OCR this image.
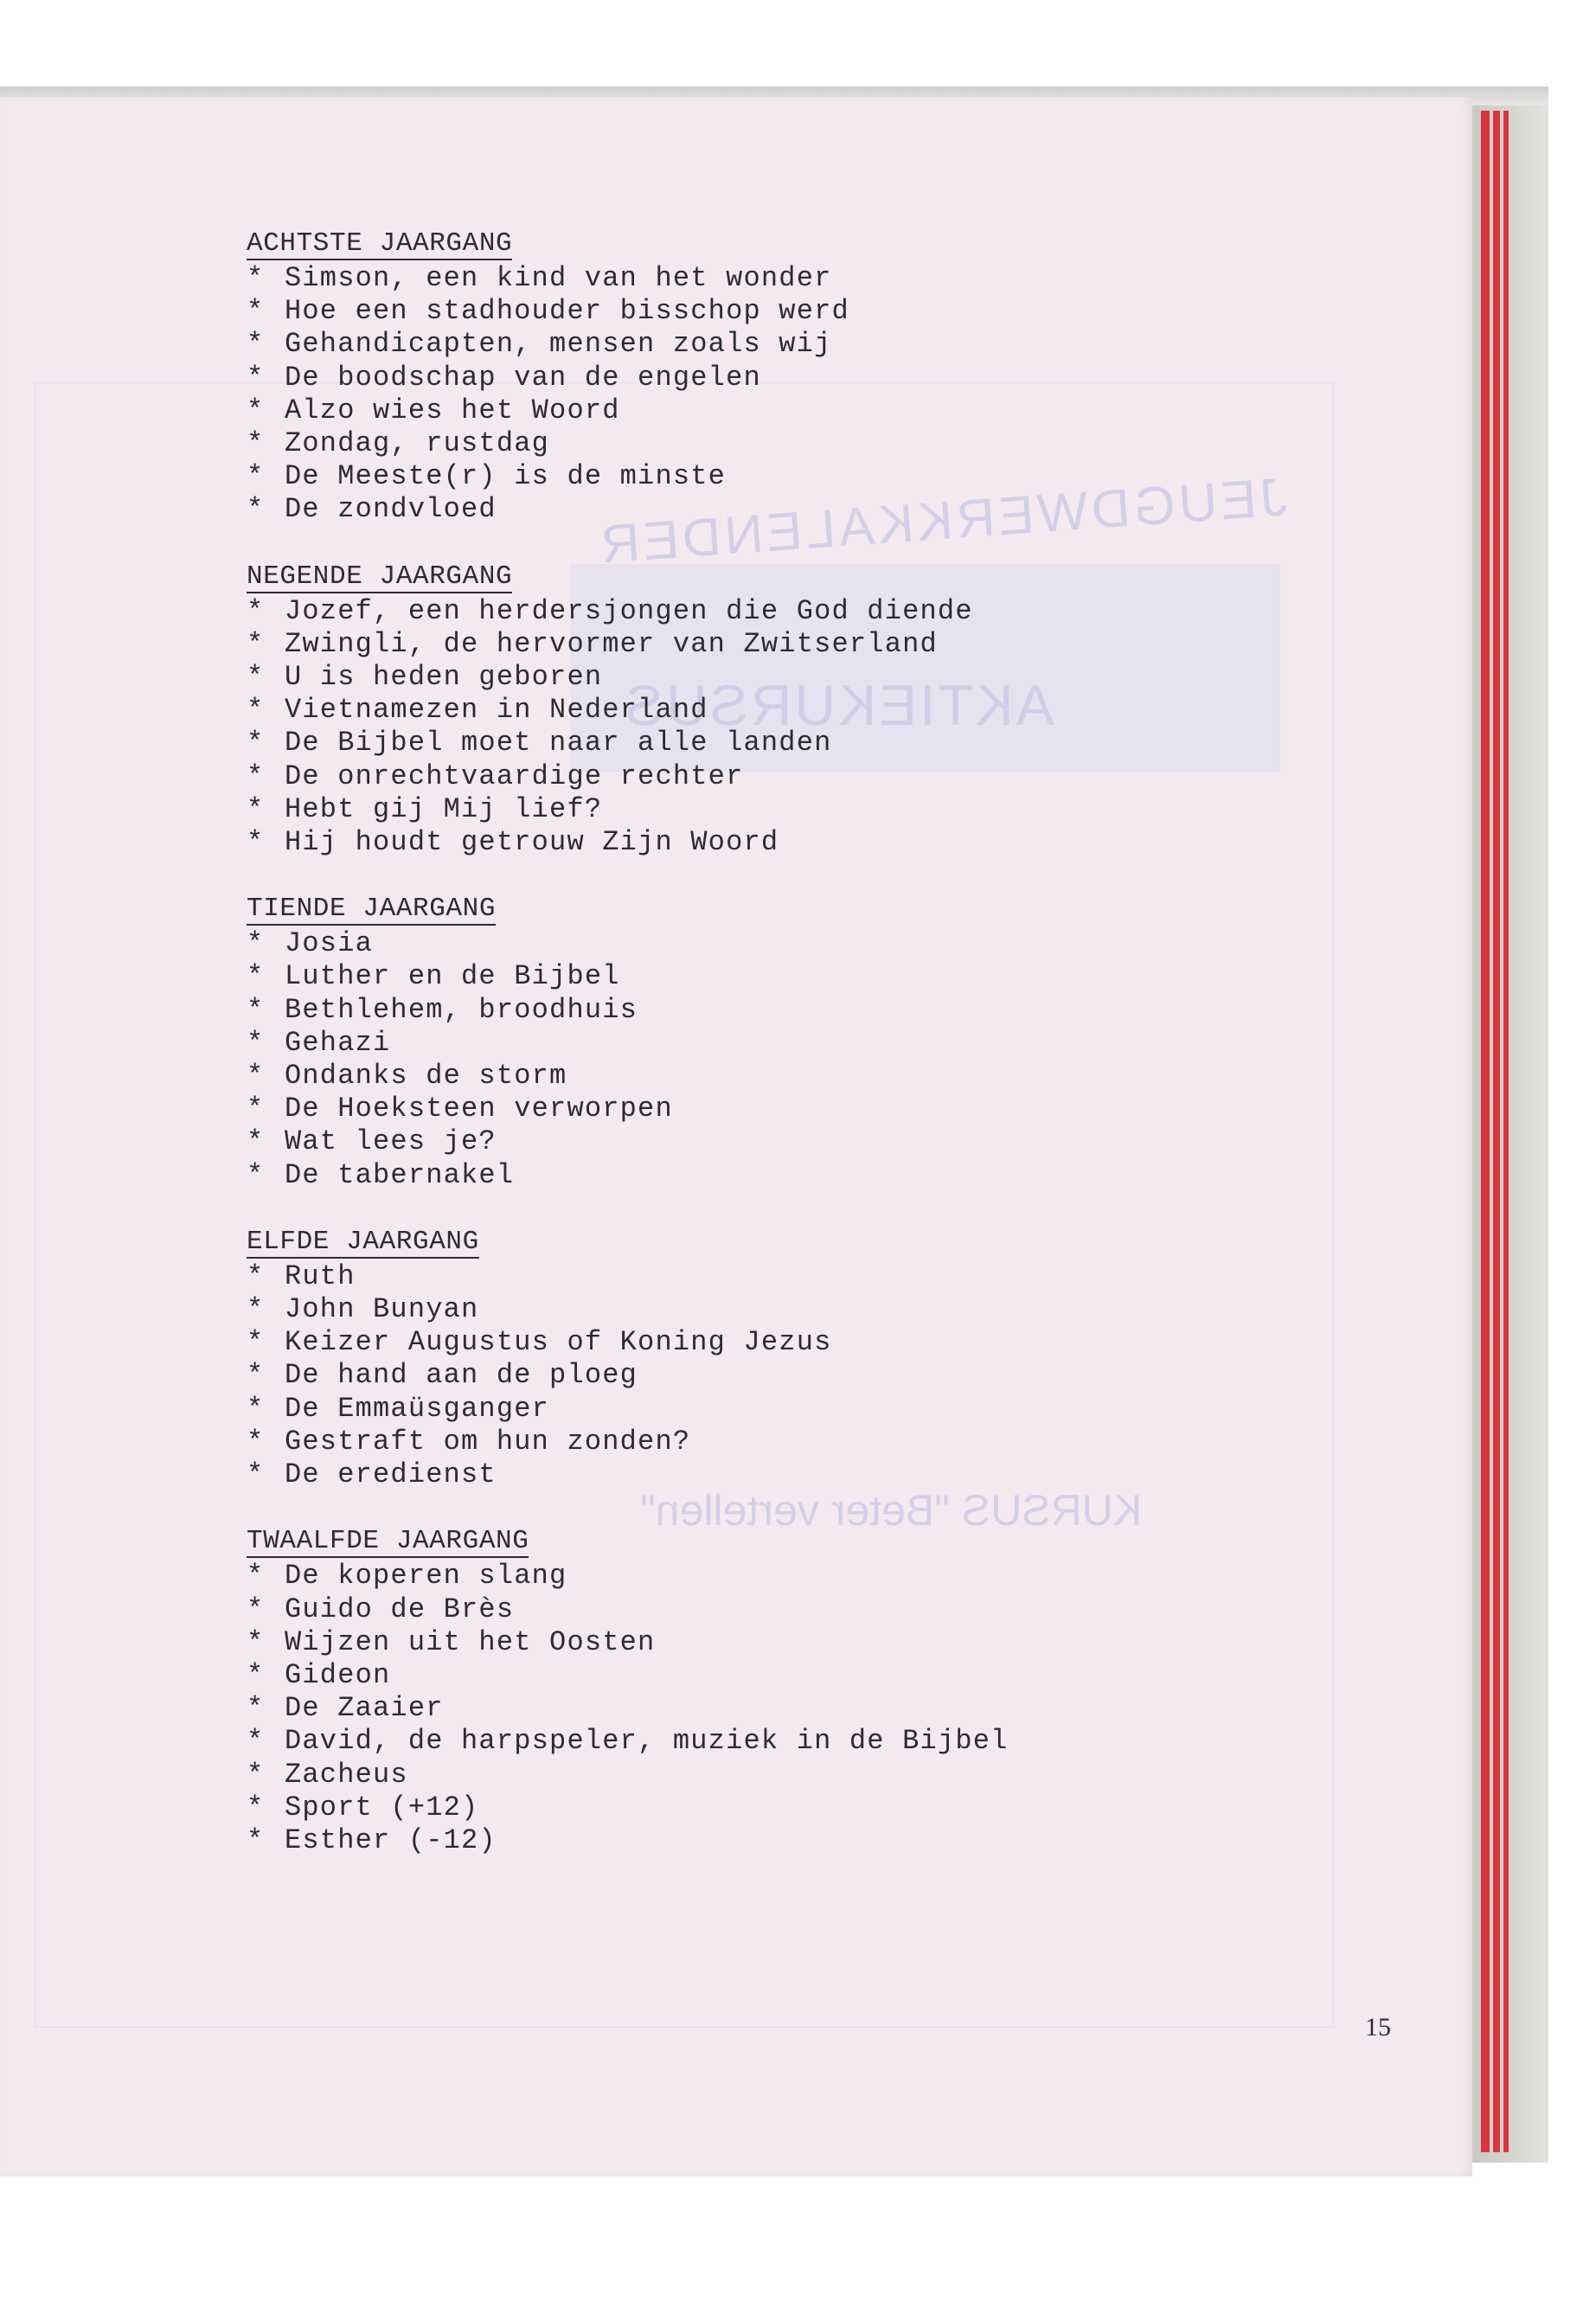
JEUGDWERKKALENDER
AKTIEKURSUS
KURSUS "Beter vertellen"
ACHTSTE JAARGANG
* Simson, een kind van het wonder
* Hoe een stadhouder bisschop werd
* Gehandicapten, mensen zoals wij
* De boodschap van de engelen
* Alzo wies het Woord
* Zondag, rustdag
* De Meeste(r) is de minste
* De zondvloed
NEGENDE JAARGANG
* Jozef, een herdersjongen die God diende
* Zwingli, de hervormer van Zwitserland
* U is heden geboren
* Vietnamezen in Nederland
* De Bijbel moet naar alle landen
* De onrechtvaardige rechter
* Hebt gij Mij lief?
* Hij houdt getrouw Zijn Woord
TIENDE JAARGANG
* Josia
* Luther en de Bijbel
* Bethlehem, broodhuis
* Gehazi
* Ondanks de storm
* De Hoeksteen verworpen
* Wat lees je?
* De tabernakel
ELFDE JAARGANG
* Ruth
* John Bunyan
* Keizer Augustus of Koning Jezus
* De hand aan de ploeg
* De Emmaüsganger
* Gestraft om hun zonden?
* De eredienst
TWAALFDE JAARGANG
* De koperen slang
* Guido de Brès
* Wijzen uit het Oosten
* Gideon
* De Zaaier
* David, de harpspeler, muziek in de Bijbel
* Zacheus
* Sport (+12)
* Esther (-12)
15
